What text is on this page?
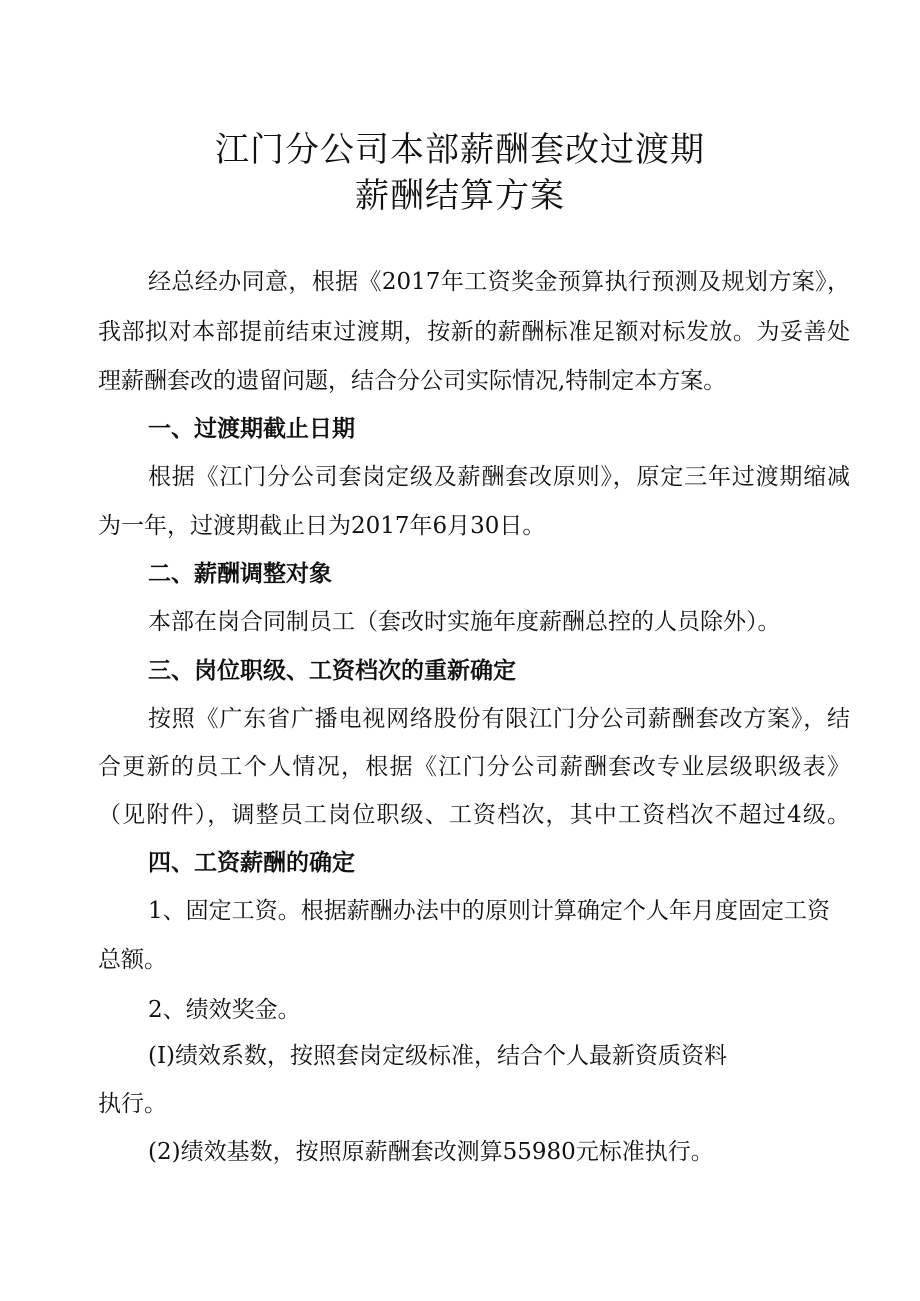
江门分公司本部薪酬套改过渡期
薪酬结算方案

经总经办同意，根据《2017年工资奖金预算执行预测及规划方案》，

我部拟对本部提前结束过渡期，按新的薪酬标准足额对标发放。为妥善处

理薪酬套改的遗留问题，结合分公司实际情况,特制定本方案。

一、过渡期截止日期

根据《江门分公司套岗定级及薪酬套改原则》，原定三年过渡期缩减

为一年，过渡期截止日为2017年6月30日。

二、薪酬调整对象

本部在岗合同制员工（套改时实施年度薪酬总控的人员除外）。

三、岗位职级、工资档次的重新确定

按照《广东省广播电视网络股份有限江门分公司薪酬套改方案》，结

合更新的员工个人情况，根据《江门分公司薪酬套改专业层级职级表》

（见附件），调整员工岗位职级、工资档次，其中工资档次不超过4级。

四、工资薪酬的确定

1、固定工资。根据薪酬办法中的原则计算确定个人年月度固定工资

总额。

2、绩效奖金。

(I)绩效系数，按照套岗定级标准，结合个人最新资质资料

执行。

(2)绩效基数，按照原薪酬套改测算55980元标准执行。
